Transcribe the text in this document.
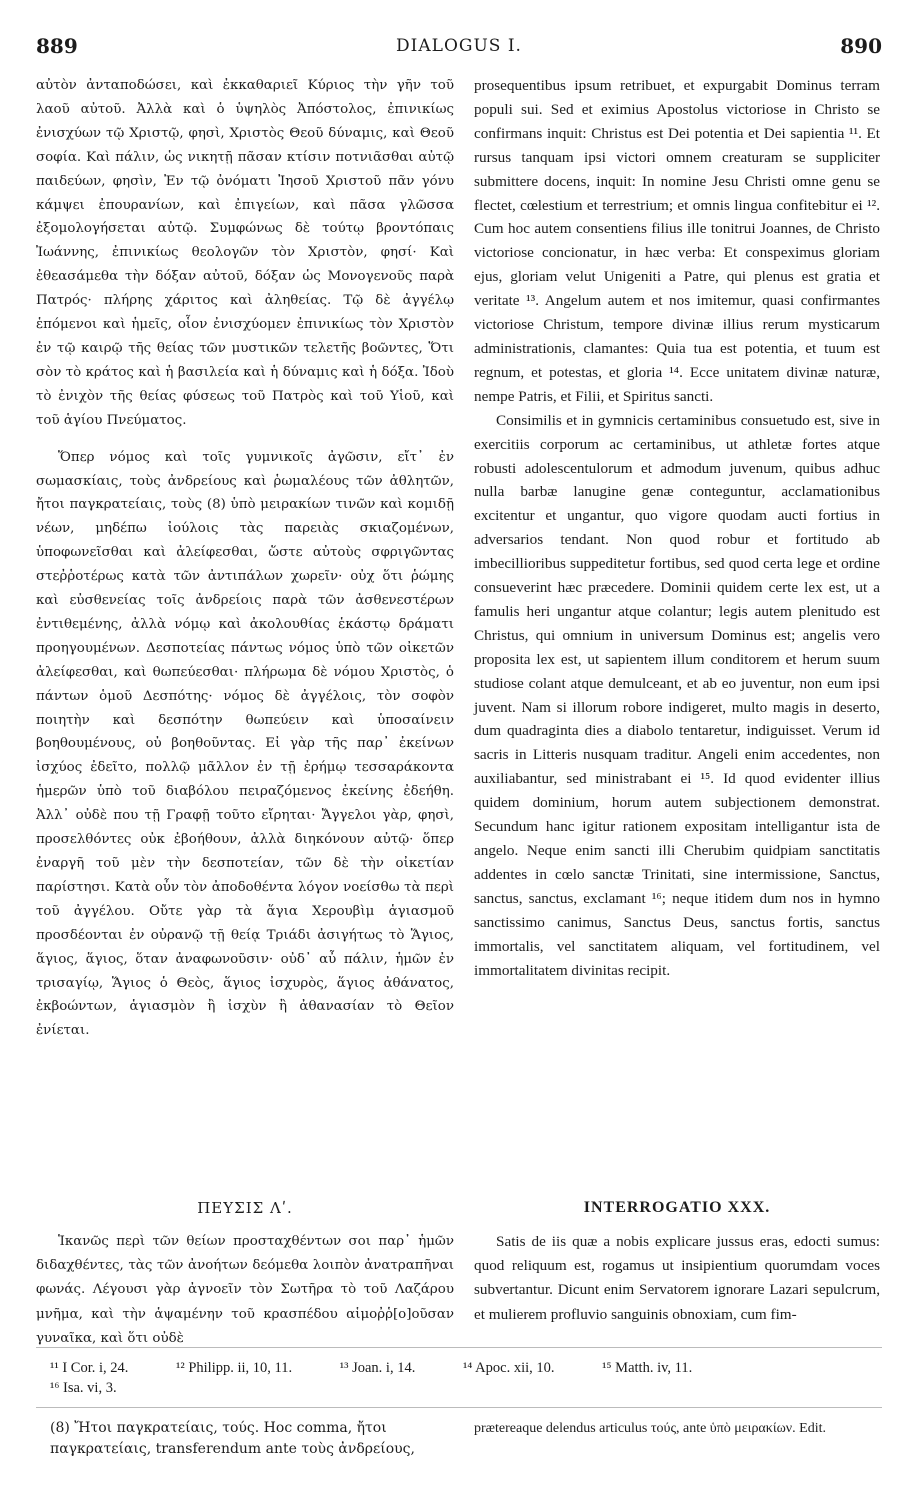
889	DIALOGUS I.	890

αὐτὸν ἀνταποδώσει, καὶ ἐκκαθαριεῖ Κύριος τὴν γῆν τοῦ λαοῦ αὐτοῦ. Ἀλλὰ καὶ ὁ ὑψηλὸς Ἀπόστολος, ἐπινικίως ἐνισχύων τῷ Χριστῷ, φησὶ, Χριστὸς Θεοῦ δύναμις, καὶ Θεοῦ σοφία. Καὶ πάλιν, ὡς νικητῇ πᾶσαν κτίσιν ποτνιᾶσθαι αὐτῷ παιδεύων, φησὶν, Ἐν τῷ ὀνόματι Ἰησοῦ Χριστοῦ πᾶν γόνυ κάμψει ἐπουρανίων, καὶ ἐπιγείων, καὶ πᾶσα γλῶσσα ἐξομολογήσεται αὐτῷ. Συμφώνως δὲ τούτῳ βροντόπαις Ἰωάννης, ἐπινικίως θεολογῶν τὸν Χριστὸν, φησί· Καὶ ἐθεασάμεθα τὴν δόξαν αὐτοῦ, δόξαν ὡς Μονογενοῦς παρὰ Πατρός· πλήρης χάριτος καὶ ἀληθείας. Τῷ δὲ ἀγγέλῳ ἑπόμενοι καὶ ἡμεῖς, οἷον ἐνισχύομεν ἐπινικίως τὸν Χριστὸν ἐν τῷ καιρῷ τῆς θείας τῶν μυστικῶν τελετῆς βοῶντες, Ὅτι σὸν τὸ κράτος καὶ ἡ βασιλεία καὶ ἡ δύναμις καὶ ἡ δόξα. Ἰδοὺ τὸ ἐνιχὸν τῆς θείας φύσεως τοῦ Πατρὸς καὶ τοῦ Υἱοῦ, καὶ τοῦ ἁγίου Πνεύματος.

Ὅπερ νόμος καὶ τοῖς γυμνικοῖς ἀγῶσιν, εἴτ᾽ ἐν σωμασκίαις, τοὺς ἀνδρείους καὶ ῥωμαλέους τῶν ἀθλητῶν, ἤτοι παγκρατείαις, τοὺς (8) ὑπὸ μειρακίων τινῶν καὶ κομιδῇ νέων, μηδέπω ἰούλοις τὰς παρειὰς σκιαζομένων, ὑποφωνεῖσθαι καὶ ἀλείφεσθαι, ὥστε αὐτοὺς σφριγῶντας στεῤῥοτέρως κατὰ τῶν ἀντιπάλων χωρεῖν· οὐχ ὅτι ῥώμης καὶ εὐσθενείας τοῖς ἀνδρείοις παρὰ τῶν ἀσθενεστέρων ἐντιθεμένης, ἀλλὰ νόμῳ καὶ ἀκολουθίας ἑκάστῳ δράματι προηγουμένων. Δεσποτείας πάντως νόμος ὑπὸ τῶν οἰκετῶν ἀλείφεσθαι, καὶ θωπεύεσθαι· πλήρωμα δὲ νόμου Χριστὸς, ὁ πάντων ὁμοῦ Δεσπότης· νόμος δὲ ἀγγέλοις, τὸν σοφὸν ποιητὴν καὶ δεσπότην θωπεύειν καὶ ὑποσαίνειν βοηθουμένους, οὐ βοηθοῦντας. Εἰ γὰρ τῆς παρ᾽ ἐκείνων ἰσχύος ἐδεῖτο, πολλῷ μᾶλλον ἐν τῇ ἐρήμῳ τεσσαράκοντα ἡμερῶν ὑπὸ τοῦ διαβόλου πειραζόμενος ἐκείνης ἐδεήθη. Ἀλλ᾽ οὐδὲ που τῇ Γραφῇ τοῦτο εἴρηται· Ἄγγελοι γὰρ, φησὶ, προσελθόντες οὐκ ἐβοήθουν, ἀλλὰ διηκόνουν αὐτῷ· ὅπερ ἐναργῆ τοῦ μὲν τὴν δεσποτείαν, τῶν δὲ τὴν οἰκετίαν παρίστησι. Κατὰ οὖν τὸν ἀποδοθέντα λόγον νοείσθω τὰ περὶ τοῦ ἀγγέλου. Οὔτε γὰρ τὰ ἅγια Χερουβὶμ ἁγιασμοῦ προσδέονται ἐν οὐρανῷ τῇ θείᾳ Τριάδι ἀσιγήτως τὸ Ἅγιος, ἅγιος, ἅγιος, ὅταν ἀναφωνοῦσιν· οὐδ᾽ αὖ πάλιν, ἡμῶν ἐν τρισαγίῳ, Ἅγιος ὁ Θεὸς, ἅγιος ἰσχυρὸς, ἅγιος ἀθάνατος, ἐκβοώντων, ἁγιασμὸν ἢ ἰσχὺν ἢ ἀθανασίαν τὸ Θεῖον ἐνίεται.

prosequentibus ipsum retribuet, et expurgabit Dominus terram populi sui. Sed et eximius Apostolus victoriose in Christo se confirmans inquit: Christus est Dei potentia et Dei sapientia ¹¹. Et rursus tanquam ipsi victori omnem creaturam se suppliciter submittere docens, inquit: In nomine Jesu Christi omne genu se flectet, cœlestium et terrestrium; et omnis lingua confitebitur ei ¹². Cum hoc autem consentiens filius ille tonitrui Joannes, de Christo victoriose concionatur, in hæc verba: Et conspeximus gloriam ejus, gloriam velut Unigeniti a Patre, qui plenus est gratia et veritate ¹³. Angelum autem et nos imitemur, quasi confirmantes victoriose Christum, tempore divinæ illius rerum mysticarum administrationis, clamantes: Quia tua est potentia, et tuum est regnum, et potestas, et gloria ¹⁴. Ecce unitatem divinæ naturæ, nempe Patris, et Filii, et Spiritus sancti.

Consimilis et in gymnicis certaminibus consuetudo est, sive in exercitiis corporum ac certaminibus, ut athletæ fortes atque robusti adolescentulorum et admodum juvenum, quibus adhuc nulla barbæ lanugine genæ conteguntur, acclamationibus excitentur et ungantur, quo vigore quodam aucti fortius in adversarios tendant. Non quod robur et fortitudo ab imbecillioribus suppeditetur fortibus, sed quod certa lege et ordine consueverint hæc præcedere. Dominii quidem certe lex est, ut a famulis heri ungantur atque colantur; legis autem plenitudo est Christus, qui omnium in universum Dominus est; angelis vero proposita lex est, ut sapientem illum conditorem et herum suum studiose colant atque demulceant, et ab eo juventur, non eum ipsi juvent. Nam si illorum robore indigeret, multo magis in deserto, dum quadraginta dies a diabolo tentaretur, indiguisset. Verum id sacris in Litteris nusquam traditur. Angeli enim accedentes, non auxiliabantur, sed ministrabant ei ¹⁵. Id quod evidenter illius quidem dominium, horum autem subjectionem demonstrat. Secundum hanc igitur rationem expositam intelligantur ista de angelo. Neque enim sancti illi Cherubim quidpiam sanctitatis addentes in cœlo sanctæ Trinitati, sine intermissione, Sanctus, sanctus, sanctus, exclamant ¹⁶; neque itidem dum nos in hymno sanctissimo canimus, Sanctus Deus, sanctus fortis, sanctus immortalis, vel sanctitatem aliquam, vel fortitudinem, vel immortalitatem divinitas recipit.

ΠΕΥΣΙΣ Λʹ.	INTERROGATIO XXX.

Ἱκανῶς περὶ τῶν θείων προσταχθέντων σοι παρ᾽ ἡμῶν διδαχθέντες, τὰς τῶν ἀνοήτων δεόμεθα λοιπὸν ἀνατραπῆναι φωνάς. Λέγουσι γὰρ ἀγνοεῖν τὸν Σωτῆρα τὸ τοῦ Λαζάρου μνῆμα, καὶ τὴν ἁψαμένην τοῦ κρασπέδου αἱμοῤῥ[ο]οῦσαν γυναῖκα, καὶ ὅτι οὐδὲ

Satis de iis quæ a nobis explicare jussus eras, edocti sumus: quod reliquum est, rogamus ut insipientium quorumdam voces subvertantur. Dicunt enim Servatorem ignorare Lazari sepulcrum, et mulierem profluvio sanguinis obnoxiam, cum fim-

¹¹ I Cor. i, 24.	¹² Philipp. ii, 10, 11.	¹³ Joan. i, 14.	¹⁴ Apoc. xii, 10.	¹⁵ Matth. iv, 11.
¹⁶ Isa. vi, 3.
(8) Ἤτοι παγκρατείαις, τούς. Hoc comma, ἤτοι παγκρατείαις, transferendum ante τοὺς ἀνδρείους,
prætereaque delendus articulus τούς, ante ὑπὸ μειρακίων. Edit.
